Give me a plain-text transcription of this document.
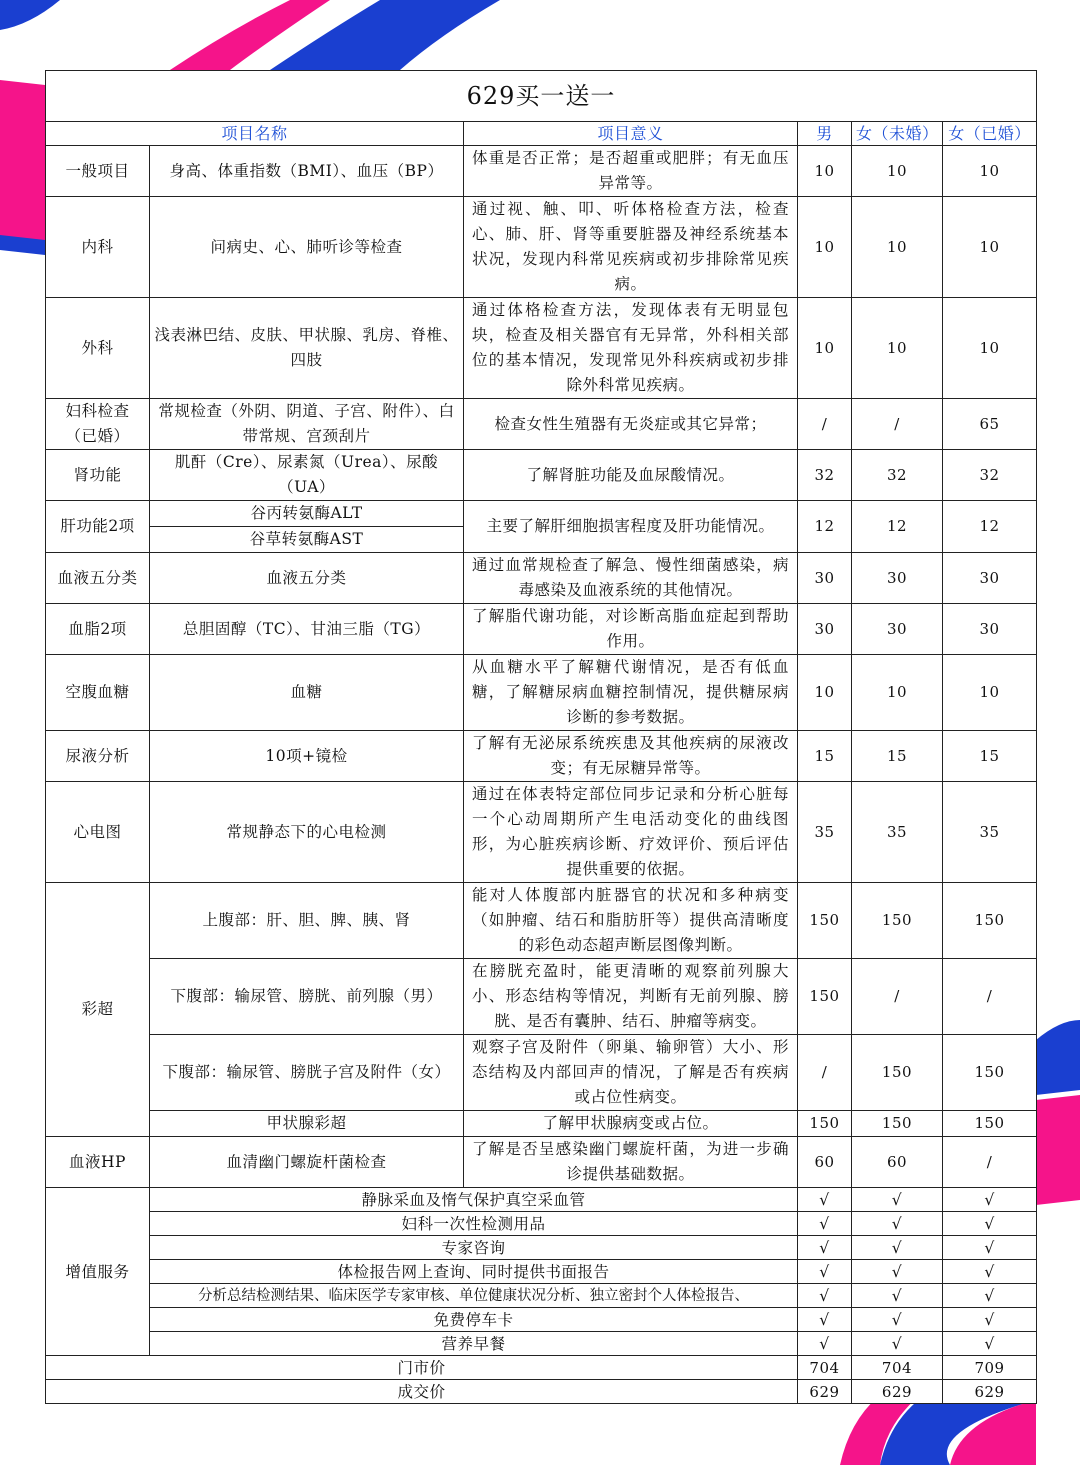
629买一送一					
项目名称		项目意义	男	女（未婚）	女（已婚）
一般项目	身高、体重指数（BMI）、血压（BP）	体重是否正常；是否超重或肥胖；有无血压异常等。	10	10	10
内科	问病史、心、肺听诊等检查	通过视、触、叩、听体格检查方法，检查心、肺、肝、肾等重要脏器及神经系统基本状况，发现内科常见疾病或初步排除常见疾病。	10	10	10
外科	浅表淋巴结、皮肤、甲状腺、乳房、脊椎、四肢	通过体格检查方法，发现体表有无明显包块，检查及相关器官有无异常，外科相关部位的基本情况，发现常见外科疾病或初步排除外科常见疾病。	10	10	10
妇科检查（已婚）	常规检查（外阴、阴道、子宫、附件）、白带常规、宫颈刮片	检查女性生殖器有无炎症或其它异常；	/	/	65
肾功能	肌酐（Cre）、尿素氮（Urea）、尿酸（UA）	了解肾脏功能及血尿酸情况。	32	32	32
肝功能2项	谷丙转氨酶ALT	主要了解肝细胞损害程度及肝功能情况。	12	12	12
	谷草转氨酶AST				
血液五分类	血液五分类	通过血常规检查了解急、慢性细菌感染，病毒感染及血液系统的其他情况。	30	30	30
血脂2项	总胆固醇（TC）、甘油三脂（TG）	了解脂代谢功能，对诊断高脂血症起到帮助作用。	30	30	30
空腹血糖	血糖	从血糖水平了解糖代谢情况，是否有低血糖，了解糖尿病血糖控制情况，提供糖尿病诊断的参考数据。	10	10	10
尿液分析	10项+镜检	了解有无泌尿系统疾患及其他疾病的尿液改变；有无尿糖异常等。	15	15	15
心电图	常规静态下的心电检测	通过在体表特定部位同步记录和分析心脏每一个心动周期所产生电活动变化的曲线图形，为心脏疾病诊断、疗效评价、预后评估提供重要的依据。	35	35	35
彩超	上腹部：肝、胆、脾、胰、肾	能对人体腹部内脏器官的状况和多种病变（如肿瘤、结石和脂肪肝等）提供高清晰度的彩色动态超声断层图像判断。	150	150	150
	下腹部：输尿管、膀胱、前列腺（男）	在膀胱充盈时，能更清晰的观察前列腺大小、形态结构等情况，判断有无前列腺、膀胱、是否有囊肿、结石、肿瘤等病变。	150	/	/
	下腹部：输尿管、膀胱子宫及附件（女）	观察子宫及附件（卵巢、输卵管）大小、形态结构及内部回声的情况，了解是否有疾病或占位性病变。	/	150	150
	甲状腺彩超	了解甲状腺病变或占位。	150	150	150
血液HP	血清幽门螺旋杆菌检查	了解是否呈感染幽门螺旋杆菌，为进一步确诊提供基础数据。	60	60	/
增值服务	静脉采血及惰气保护真空采血管		√	√	√
	妇科一次性检测用品		√	√	√
	专家咨询		√	√	√
	体检报告网上查询、同时提供书面报告		√	√	√
	分析总结检测结果、临床医学专家审核、单位健康状况分析、独立密封个人体检报告、		√	√	√
	免费停车卡		√	√	√
	营养早餐		√	√	√
门市价			704	704	709
成交价			629	629	629
